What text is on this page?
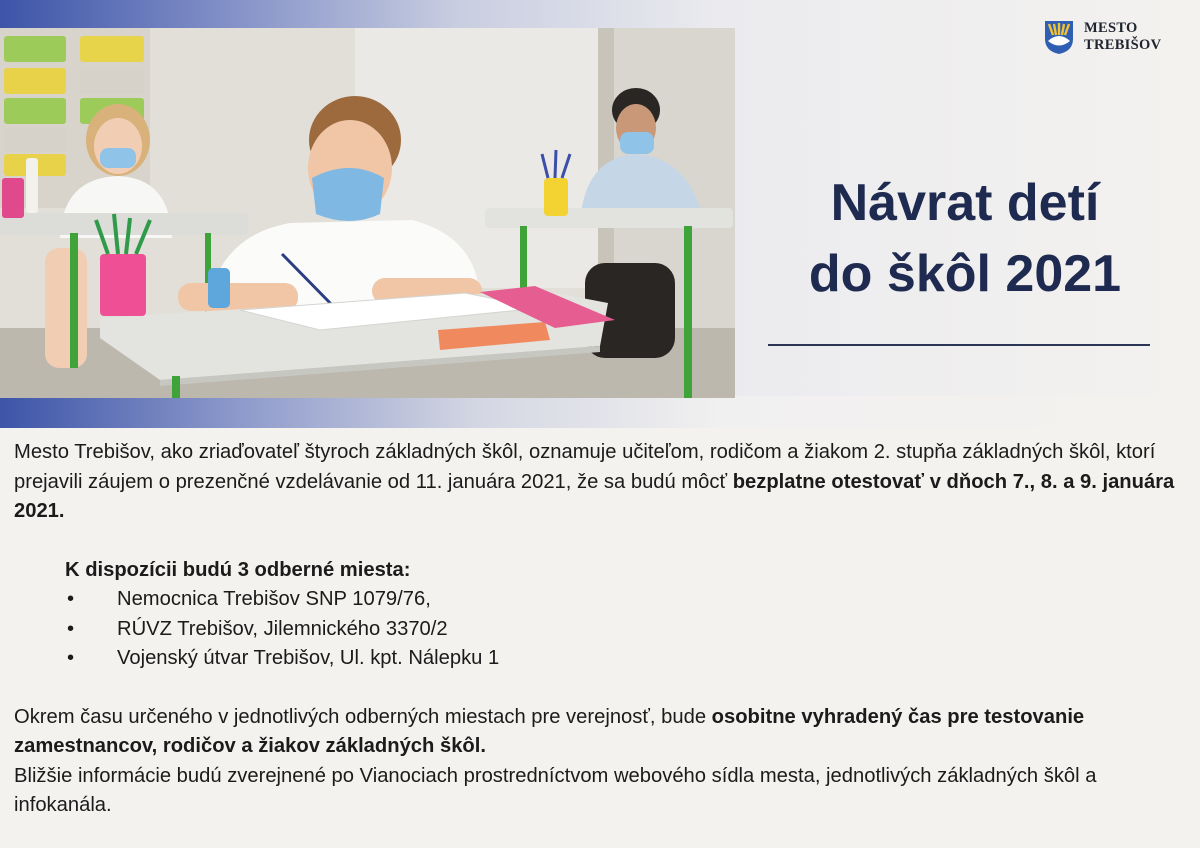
MESTO
TREBIŠOV
Návrat detí
do škôl 2021

Mesto Trebišov, ako zriaďovateľ štyroch základných škôl, oznamuje učiteľom, rodičom a žiakom 2. stupňa základných škôl, ktorí prejavili záujem o prezenčné vzdelávanie od 11. januára 2021, že sa budú môcť bezplatne otestovať v dňoch 7., 8. a 9. januára 2021.

K dispozícii budú 3 odberné miesta:

• Nemocnica Trebišov SNP 1079/76,
• RÚVZ Trebišov, Jilemnického 3370/2
• Vojenský útvar Trebišov, Ul. kpt. Nálepku 1

Okrem času určeného v jednotlivých odberných miestach pre verejnosť, bude osobitne vyhradený čas pre testovanie zamestnancov, rodičov a žiakov základných škôl.

Bližšie informácie budú zverejnené po Vianociach prostredníctvom webového sídla mesta, jednotlivých základných škôl a infokanála.
